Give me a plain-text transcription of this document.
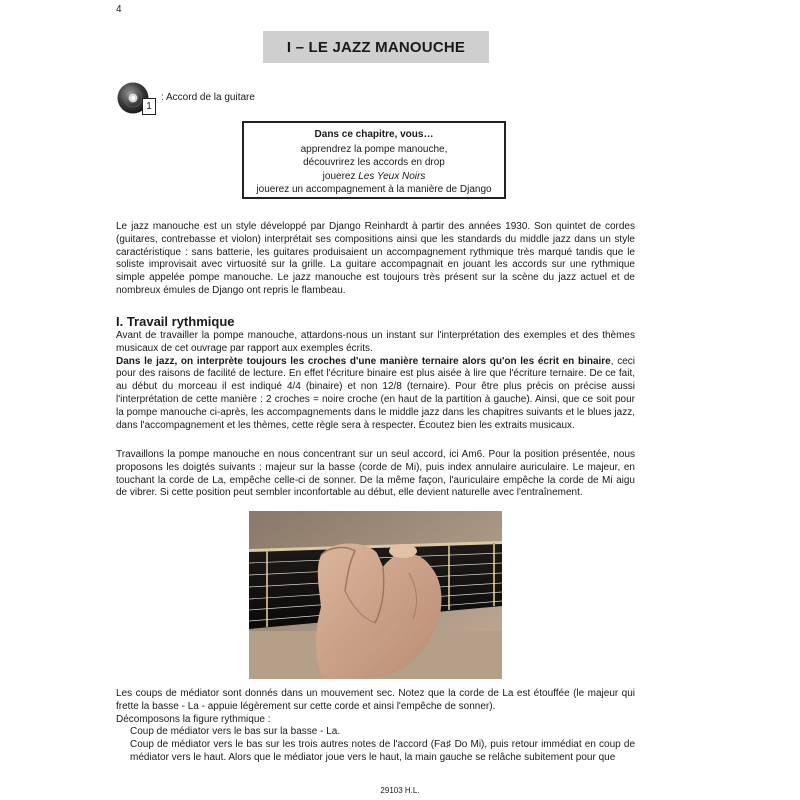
4
I – LE JAZZ MANOUCHE
1
: Accord de la guitare
Dans ce chapitre, vous…
apprendrez la pompe manouche,
découvrirez les accords en drop
jouerez Les Yeux Noirs
jouerez un accompagnement à la manière de Django

Le jazz manouche est un style développé par Django Reinhardt à partir des années 1930. Son quintet de cordes (guitares, contrebasse et violon) interprétait ses compositions ainsi que les standards du middle jazz dans un style caractéristique : sans batterie, les guitares produisaient un accompagnement rythmique très marqué tandis que le soliste improvisait avec virtuosité sur la grille. La guitare accompagnait en jouant les accords sur une rythmique simple appelée pompe manouche. Le jazz manouche est toujours très présent sur la scène du jazz actuel et de nombreux émules de Django ont repris le flambeau.

I. Travail rythmique

Avant de travailler la pompe manouche, attardons-nous un instant sur l'interprétation des exemples et des thèmes musicaux de cet ouvrage par rapport aux exemples écrits.
Dans le jazz, on interprète toujours les croches d'une manière ternaire alors qu'on les écrit en binaire, ceci pour des raisons de facilité de lecture. En effet l'écriture binaire est plus aisée à lire que l'écriture ternaire. De ce fait, au début du morceau il est indiqué 4/4 (binaire) et non 12/8 (ternaire). Pour être plus précis on précise aussi l'interprétation de cette manière : 2 croches = noire croche (en haut de la partition à gauche). Ainsi, que ce soit pour la pompe manouche ci-après, les accompagnements dans le middle jazz dans les chapitres suivants et le blues jazz, dans l'accompagnement et les thèmes, cette règle sera à respecter. Écoutez bien les extraits musicaux.

Travaillons la pompe manouche en nous concentrant sur un seul accord, ici Am6. Pour la position présentée, nous proposons les doigtés suivants : majeur sur la basse (corde de Mi), puis index annulaire auriculaire. Le majeur, en touchant la corde de La, empêche celle-ci de sonner. De la même façon, l'auriculaire empêche la corde de Mi aigu de vibrer. Si cette position peut sembler inconfortable au début, elle devient naturelle avec l'entraînement.

Les coups de médiator sont donnés dans un mouvement sec. Notez que la corde de La est étouffée (le majeur qui frette la basse - La - appuie légèrement sur cette corde et ainsi l'empêche de sonner).
Décomposons la figure rythmique :
Coup de médiator vers le bas sur la basse - La.
Coup de médiator vers le bas sur les trois autres notes de l'accord (Fa♯ Do Mi), puis retour immédiat en coup de médiator vers le haut. Alors que le médiator joue vers le haut, la main gauche se relâche subitement pour que
29103 H.L.
